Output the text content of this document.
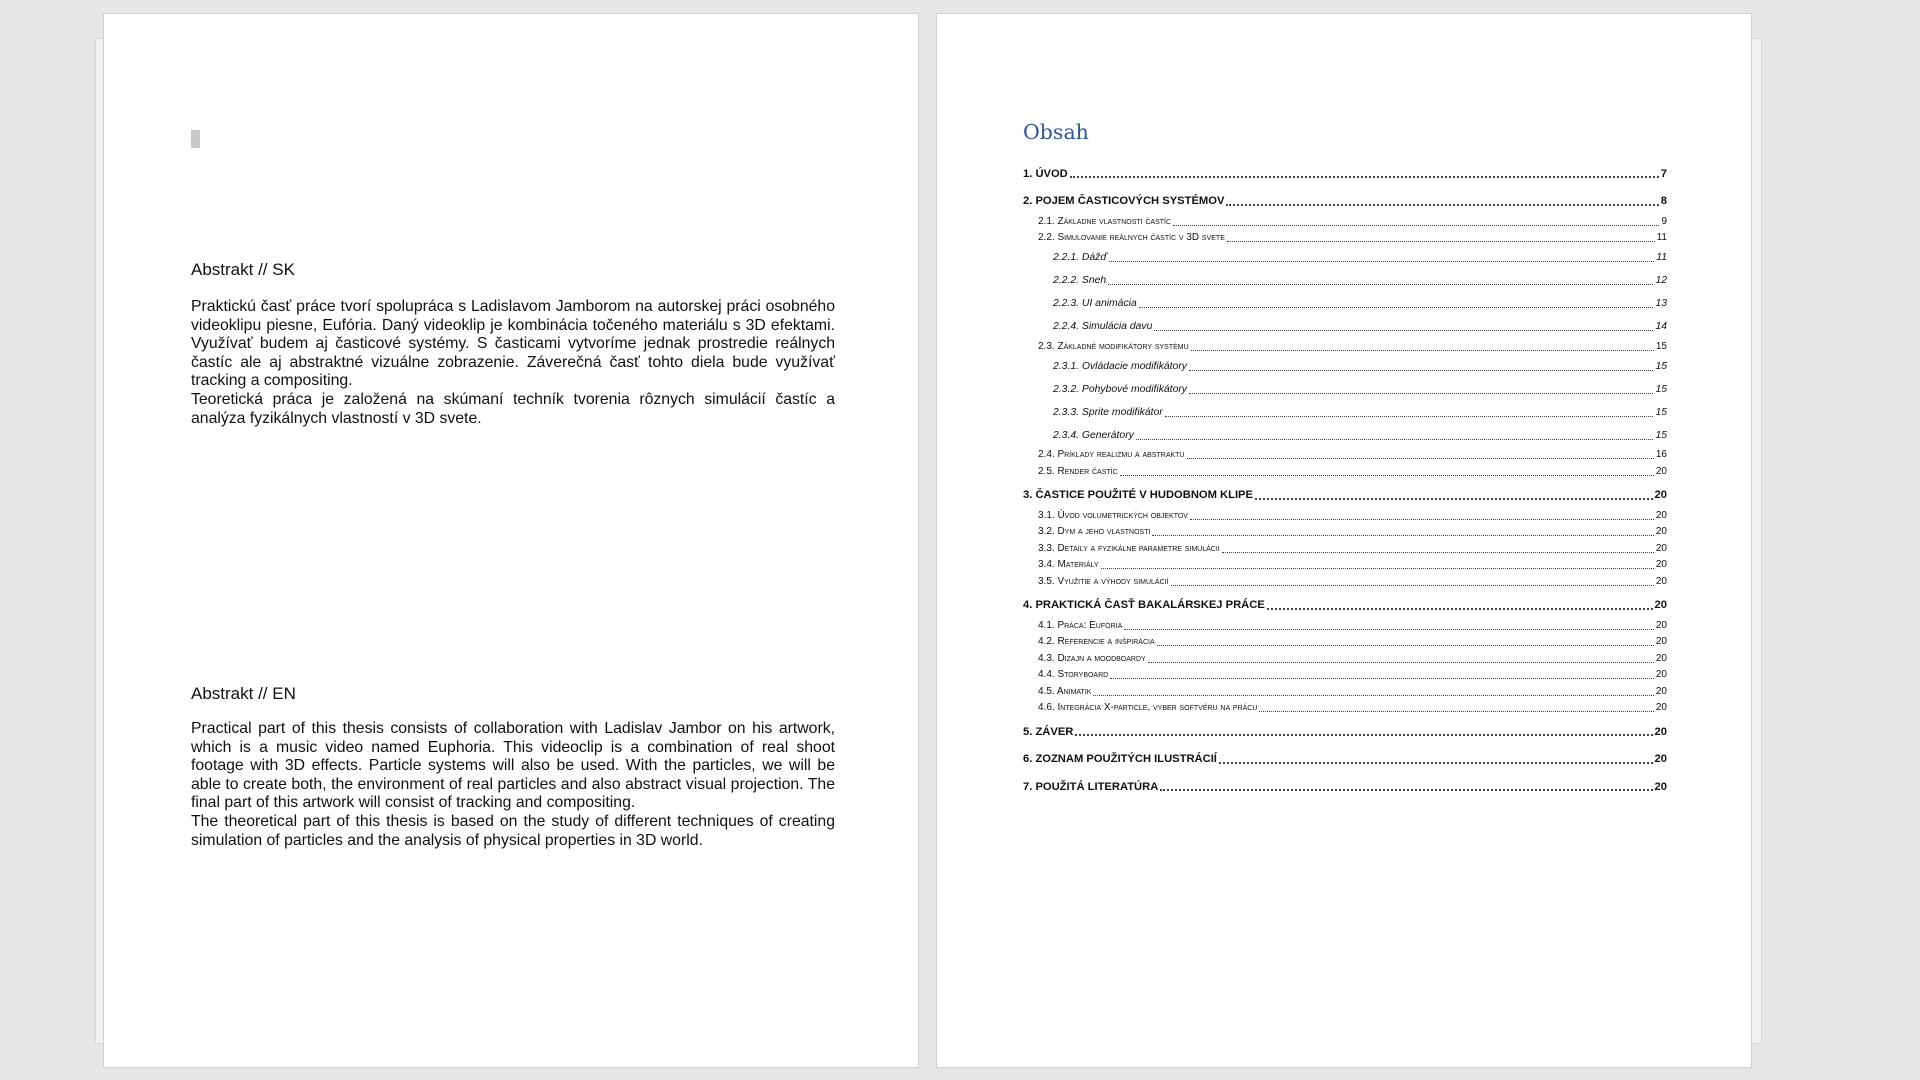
Abstrakt // SK

Praktickú časť práce tvorí spolupráca s Ladislavom Jamborom na autorskej práci osobného videoklipu piesne, Eufória. Daný videoklip je kombinácia točeného materiálu s 3D efektami. Využívať budem aj časticové systémy. S časticami vytvoríme jednak prostredie reálnych častíc ale aj abstraktné vizuálne zobrazenie. Záverečná časť tohto diela bude využívať tracking a compositing.

Teoretická práca je založená na skúmaní techník tvorenia rôznych simulácií častíc a analýza fyzikálnych vlastností v 3D svete.

Abstrakt // EN

Practical part of this thesis consists of collaboration with Ladislav Jambor on his artwork, which is a music video named Euphoria. This videoclip is a combination of real shoot footage with 3D effects. Particle systems will also be used. With the particles, we will be able to create both, the environment of real particles and also abstract visual projection. The final part of this artwork will consist of tracking and compositing.

The theoretical part of this thesis is based on the study of different techniques of creating simulation of particles and the analysis of physical properties in 3D world.

Obsah
1. ÚVOD	7
2. POJEM ČASTICOVÝCH SYSTÉMOV	8
2.1. Základne vlastnosti častíc	9
2.2. Simulovanie reálnych častíc v 3D svete	11
2.2.1. Dážď	11
2.2.2. Sneh	12
2.2.3. UI animácia	13
2.2.4. Simulácia davu	14
2.3. Základné modifikátory systému	15
2.3.1. Ovládacie modifikátory	15
2.3.2. Pohybové modifikátory	15
2.3.3. Sprite modifikátor	15
2.3.4. Generátory	15
2.4. Príklady realizmu a abstraktu	16
2.5. Render častíc	20
3. ČASTICE POUŽITÉ V HUDOBNOM KLIPE	20
3.1. Úvod volumetrických objektov	20
3.2. Dym a jeho vlastnosti	20
3.3. Detaily a fyzikálne parametre simulácii	20
3.4. Materiály	20
3.5. Využitie a výhody simulácií	20
4. PRAKTICKÁ ČASŤ BAKALÁRSKEJ PRÁCE	20
4.1. Práca: Eufória	20
4.2. Referencie a inšpirácia	20
4.3. Dizajn a moodboardy	20
4.4. Storyboard	20
4.5. Animatik	20
4.6. Integrácia X-particle, vyber softvéru na prácu	20
5. ZÁVER	20
6. ZOZNAM POUŽITÝCH ILUSTRÁCIÍ	20
7. POUŽITÁ LITERATÚRA	20
